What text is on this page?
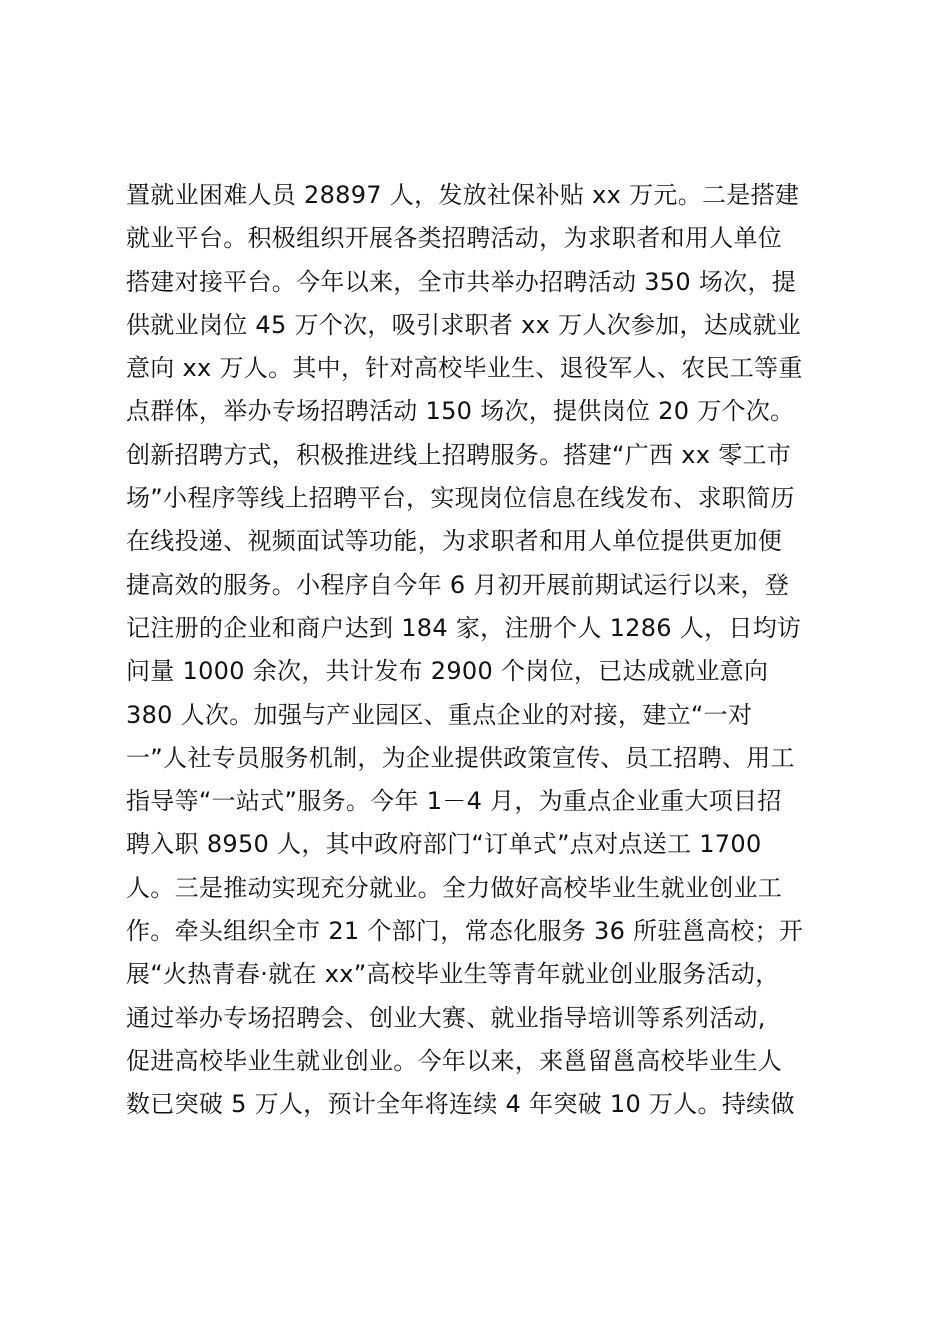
置就业困难人员 28897 人，发放社保补贴 xx 万元。二是搭建
就业平台。积极组织开展各类招聘活动，为求职者和用人单位
搭建对接平台。今年以来，全市共举办招聘活动 350 场次，提
供就业岗位 45 万个次，吸引求职者 xx 万人次参加，达成就业
意向 xx 万人。其中，针对高校毕业生、退役军人、农民工等重
点群体，举办专场招聘活动 150 场次，提供岗位 20 万个次。
创新招聘方式，积极推进线上招聘服务。搭建“广西 xx 零工市
场”小程序等线上招聘平台，实现岗位信息在线发布、求职简历
在线投递、视频面试等功能，为求职者和用人单位提供更加便
捷高效的服务。小程序自今年 6 月初开展前期试运行以来，登
记注册的企业和商户达到 184 家，注册个人 1286 人，日均访
问量 1000 余次，共计发布 2900 个岗位，已达成就业意向
380 人次。加强与产业园区、重点企业的对接，建立“一对
一”人社专员服务机制，为企业提供政策宣传、员工招聘、用工
指导等“一站式”服务。今年 1－4 月，为重点企业重大项目招
聘入职 8950 人，其中政府部门“订单式”点对点送工 1700
人。三是推动实现充分就业。全力做好高校毕业生就业创业工
作。牵头组织全市 21 个部门，常态化服务 36 所驻邕高校；开
展“火热青春·就在 xx”高校毕业生等青年就业创业服务活动，
通过举办专场招聘会、创业大赛、就业指导培训等系列活动,
促进高校毕业生就业创业。今年以来，来邕留邕高校毕业生人
数已突破 5 万人，预计全年将连续 4 年突破 10 万人。持续做
